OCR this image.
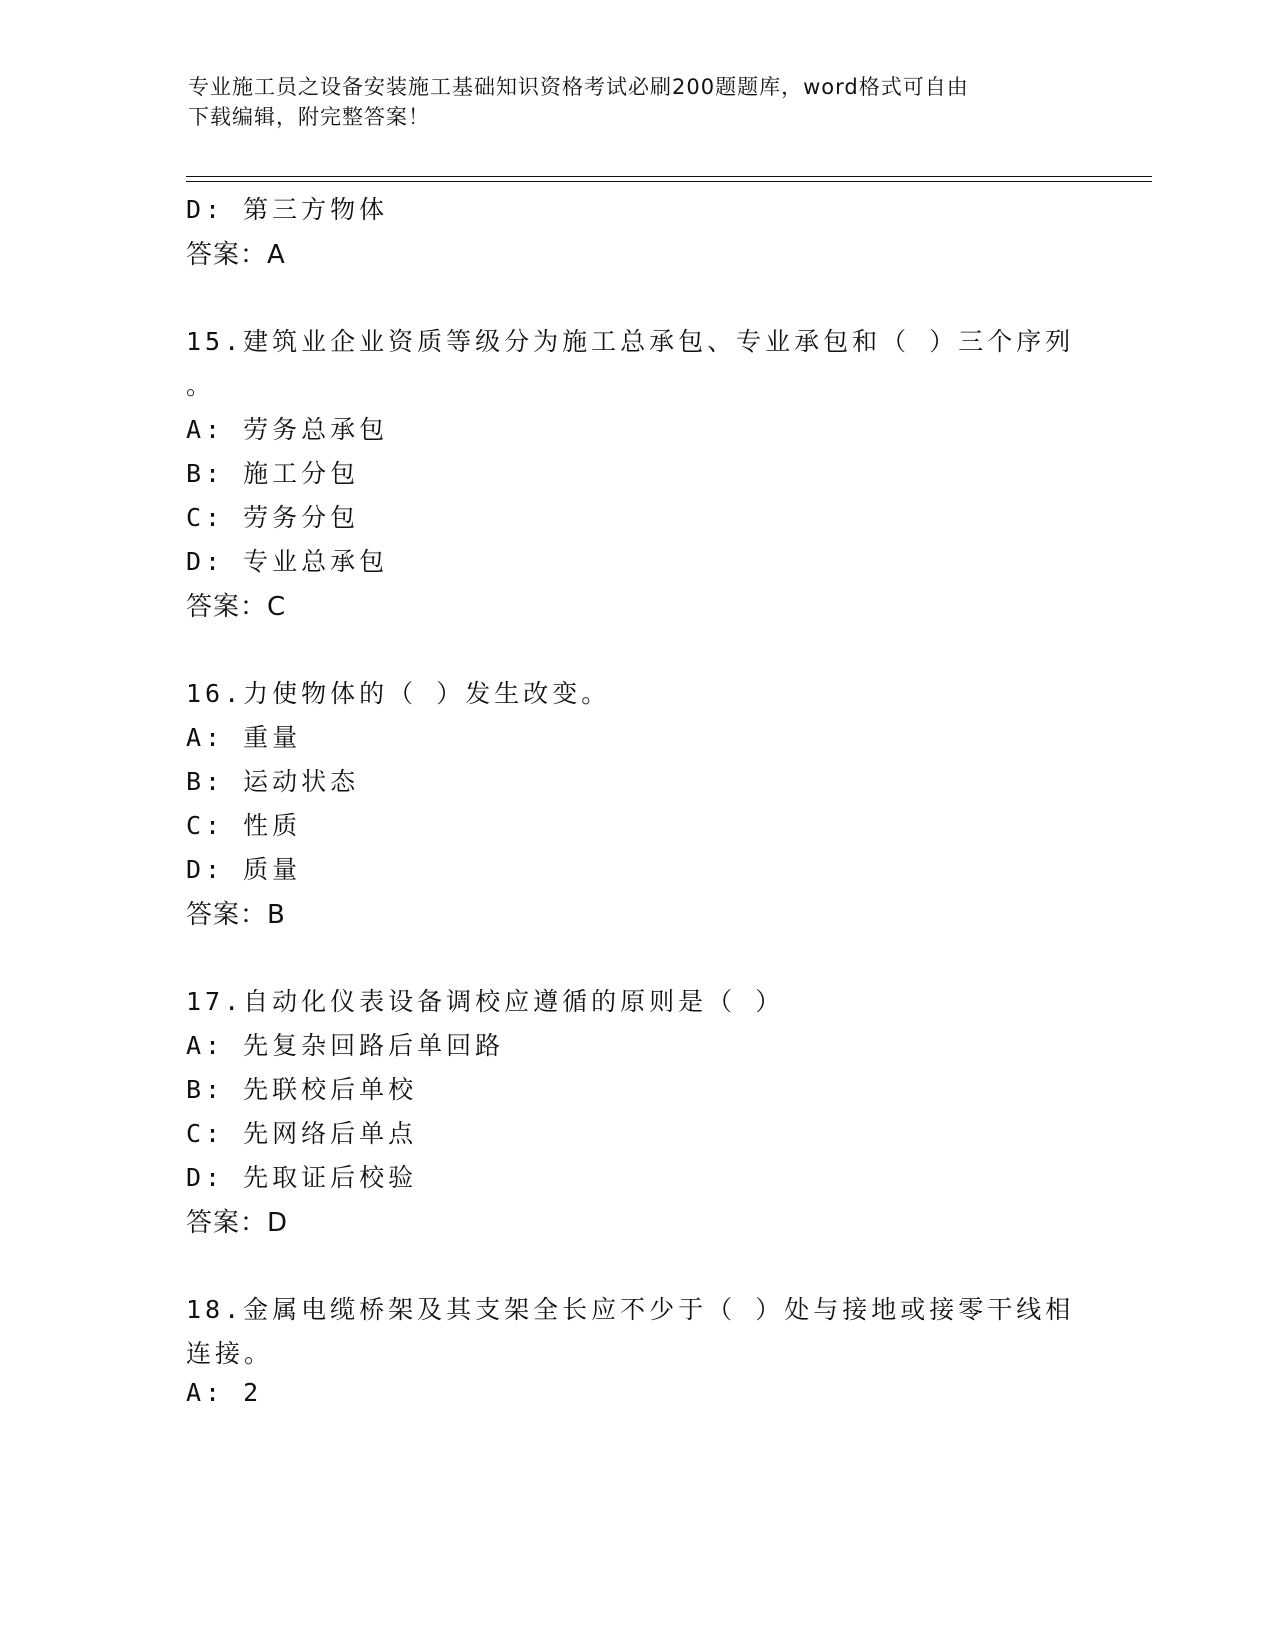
专业施工员之设备安装施工基础知识资格考试必刷200题题库，word格式可自由
下载编辑，附完整答案！
D: 第三方物体
答案：A
15.建筑业企业资质等级分为施工总承包、专业承包和（ ）三个序列
。
A: 劳务总承包
B: 施工分包
C: 劳务分包
D: 专业总承包
答案：C
16.力使物体的（ ）发生改变。
A: 重量
B: 运动状态
C: 性质
D: 质量
答案：B
17.自动化仪表设备调校应遵循的原则是（ ）
A: 先复杂回路后单回路
B: 先联校后单校
C: 先网络后单点
D: 先取证后校验
答案：D
18.金属电缆桥架及其支架全长应不少于（ ）处与接地或接零干线相
连接。
A: 2
